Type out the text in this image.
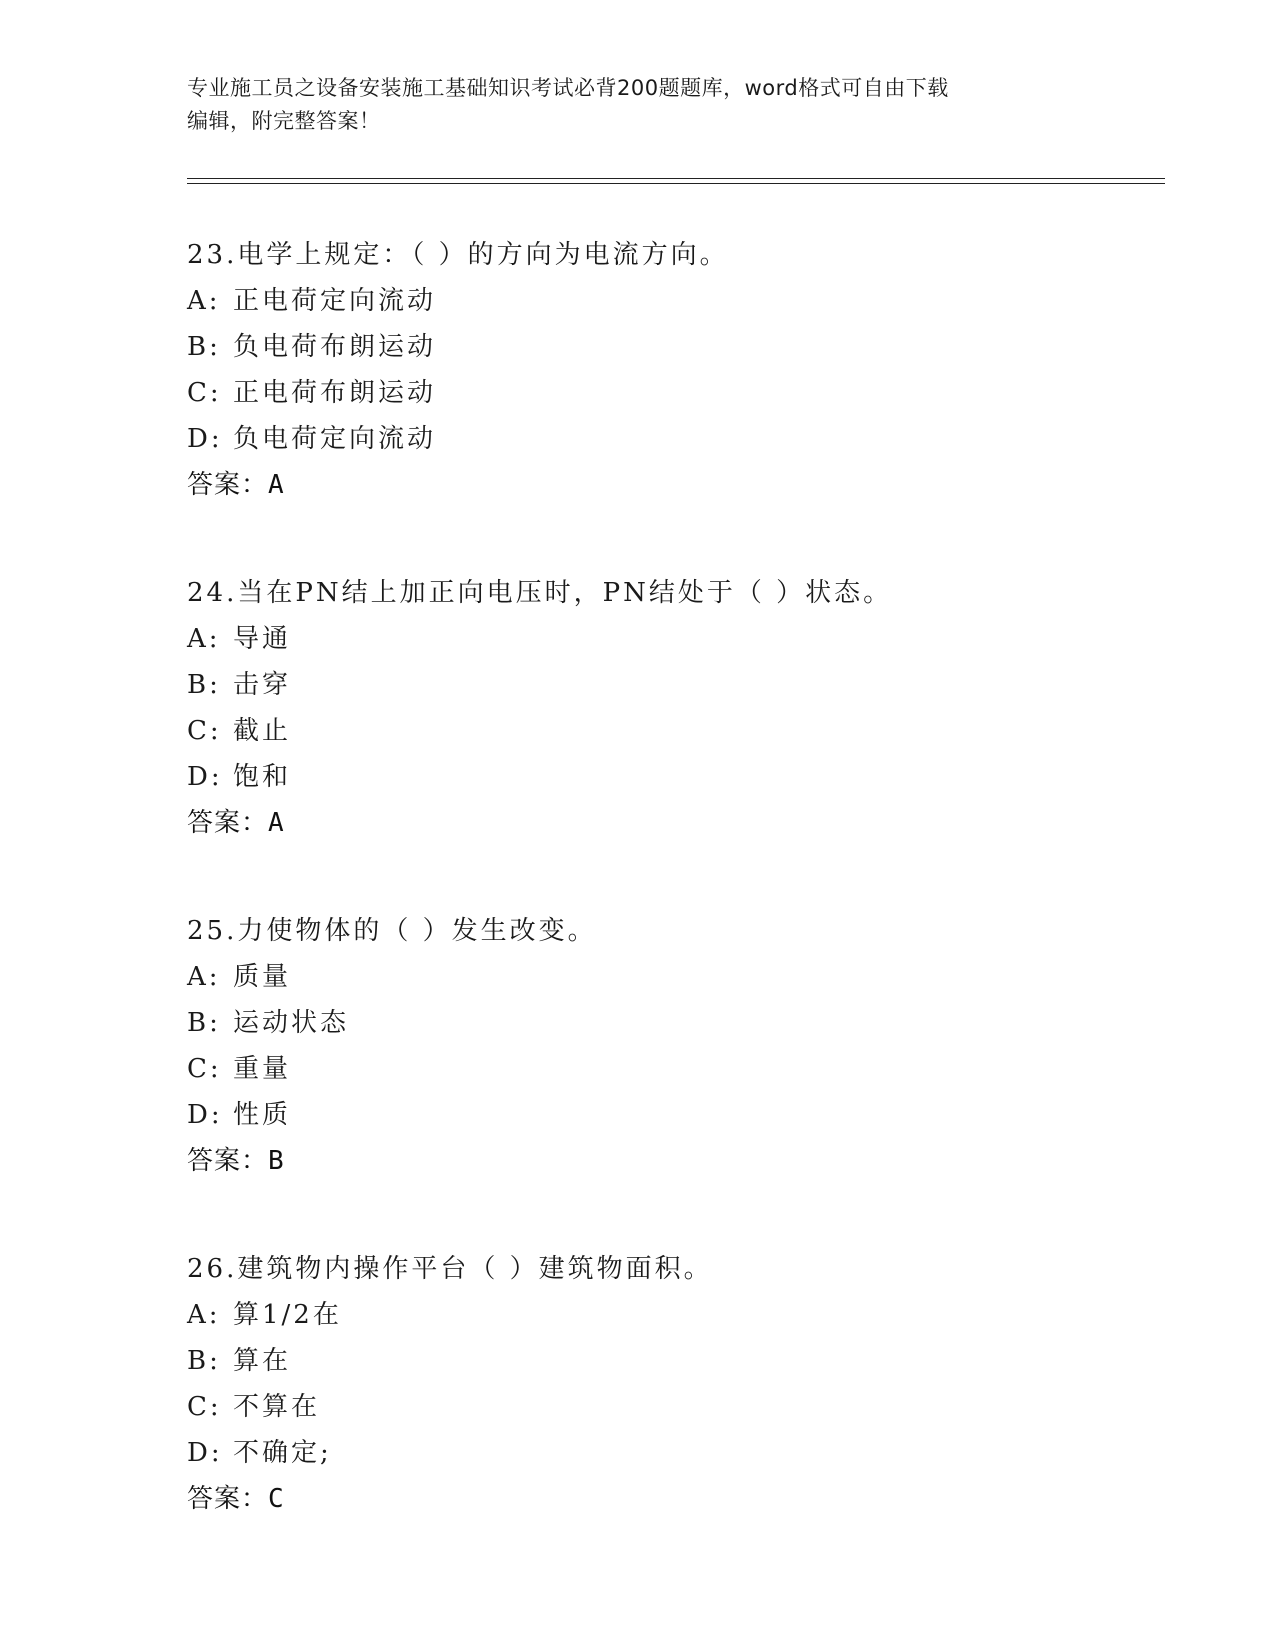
专业施工员之设备安装施工基础知识考试必背200题题库，word格式可自由下载
编辑，附完整答案！
23.电学上规定：（ ）的方向为电流方向。
A: 正电荷定向流动
B: 负电荷布朗运动
C: 正电荷布朗运动
D: 负电荷定向流动
答案：A
24.当在PN结上加正向电压时，PN结处于（ ）状态。
A: 导通
B: 击穿
C: 截止
D: 饱和
答案：A
25.力使物体的（ ）发生改变。
A: 质量
B: 运动状态
C: 重量
D: 性质
答案：B
26.建筑物内操作平台（ ）建筑物面积。
A: 算1/2在
B: 算在
C: 不算在
D: 不确定;
答案：C
